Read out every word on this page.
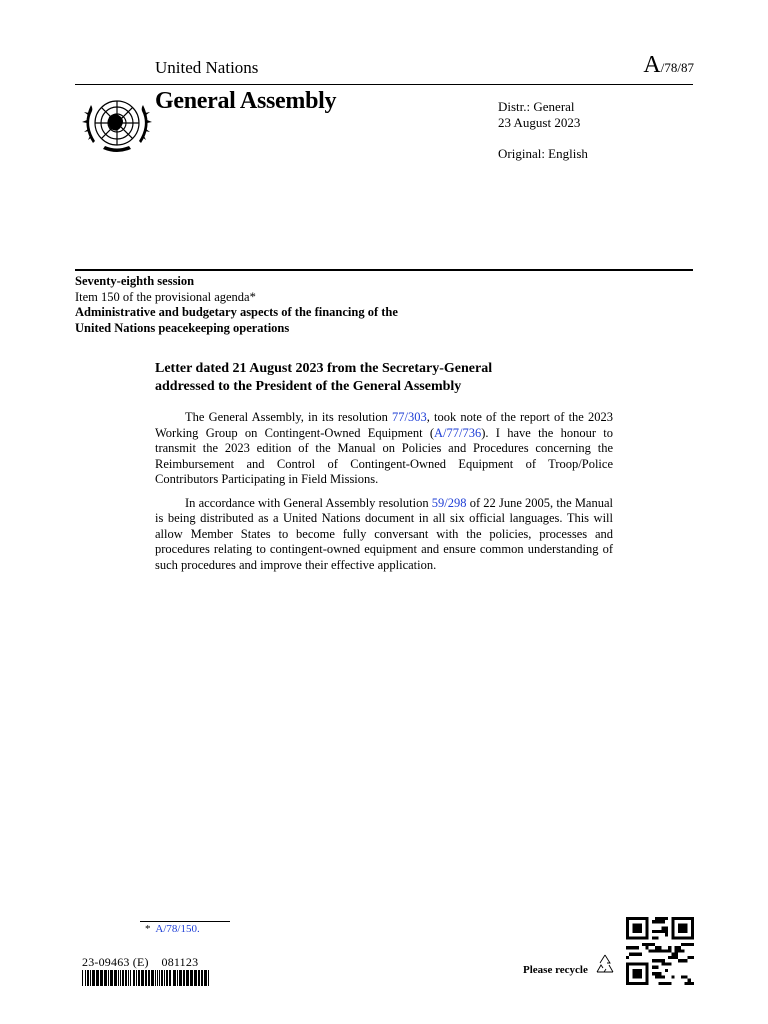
United Nations	A/78/87
General Assembly	Distr.: General
23 August 2023
Original: English
Seventy-eighth session
Item 150 of the provisional agenda*
Administrative and budgetary aspects of the financing of the
United Nations peacekeeping operations
Letter dated 21 August 2023 from the Secretary-General
addressed to the President of the General Assembly

The General Assembly, in its resolution 77/303, took note of the report of the 2023 Working Group on Contingent-Owned Equipment (A/77/736). I have the honour to transmit the 2023 edition of the Manual on Policies and Procedures concerning the Reimbursement and Control of Contingent-Owned Equipment of Troop/Police Contributors Participating in Field Missions.

In accordance with General Assembly resolution 59/298 of 22 June 2005, the Manual is being distributed as a United Nations document in all six official languages. This will allow Member States to become fully conversant with the policies, processes and procedures relating to contingent-owned equipment and ensure common understanding of such procedures and improve their effective application.

* A/78/150.
23-09463 (E)    081123
Please recycle
